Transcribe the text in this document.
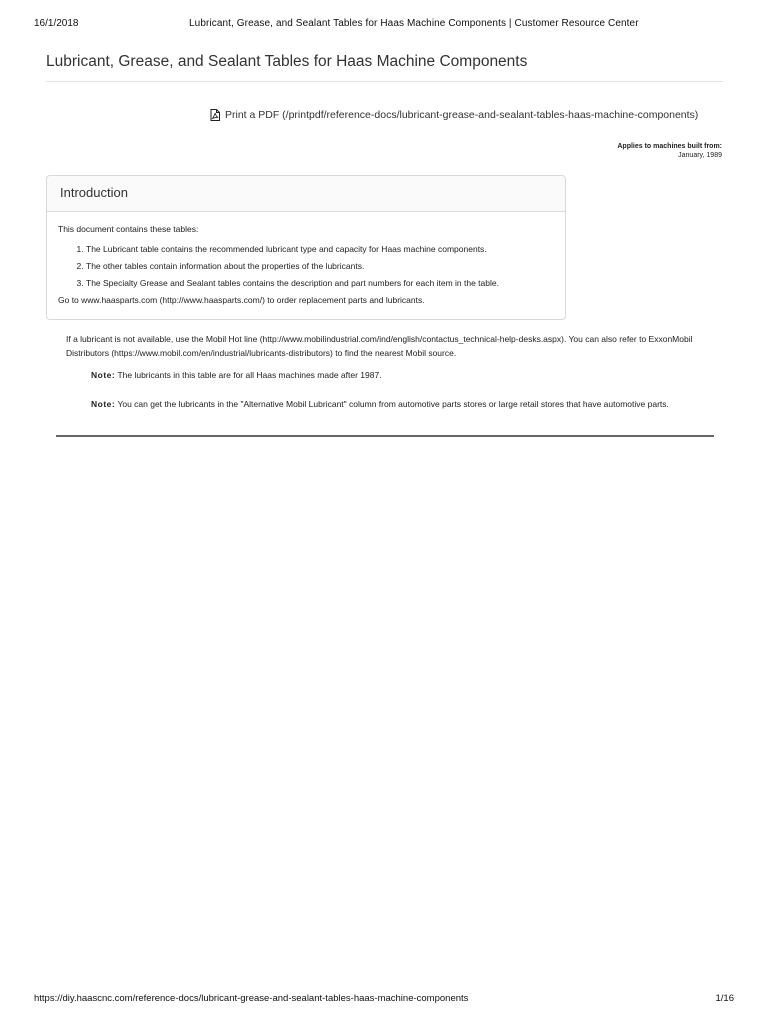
16/1/2018	Lubricant, Grease, and Sealant Tables for Haas Machine Components | Customer Resource Center
Lubricant, Grease, and Sealant Tables for Haas Machine Components
Print a PDF (/printpdf/reference-docs/lubricant-grease-and-sealant-tables-haas-machine-components)
Applies to machines built from:
January, 1989
Introduction

This document contains these tables:

1. The Lubricant table contains the recommended lubricant type and capacity for Haas machine components.
2. The other tables contain information about the properties of the lubricants.
3. The Specialty Grease and Sealant tables contains the description and part numbers for each item in the table.

Go to www.haasparts.com (http://www.haasparts.com/) to order replacement parts and lubricants.

If a lubricant is not available, use the Mobil Hot line (http://www.mobilindustrial.com/ind/english/contactus_technical-help-desks.aspx). You can also refer to ExxonMobil Distributors (https://www.mobil.com/en/industrial/lubricants-distributors) to find the nearest Mobil source.

Note: The lubricants in this table are for all Haas machines made after 1987.

Note: You can get the lubricants in the "Alternative Mobil Lubricant" column from automotive parts stores or large retail stores that have automotive parts.

https://diy.haascnc.com/reference-docs/lubricant-grease-and-sealant-tables-haas-machine-components	1/16
